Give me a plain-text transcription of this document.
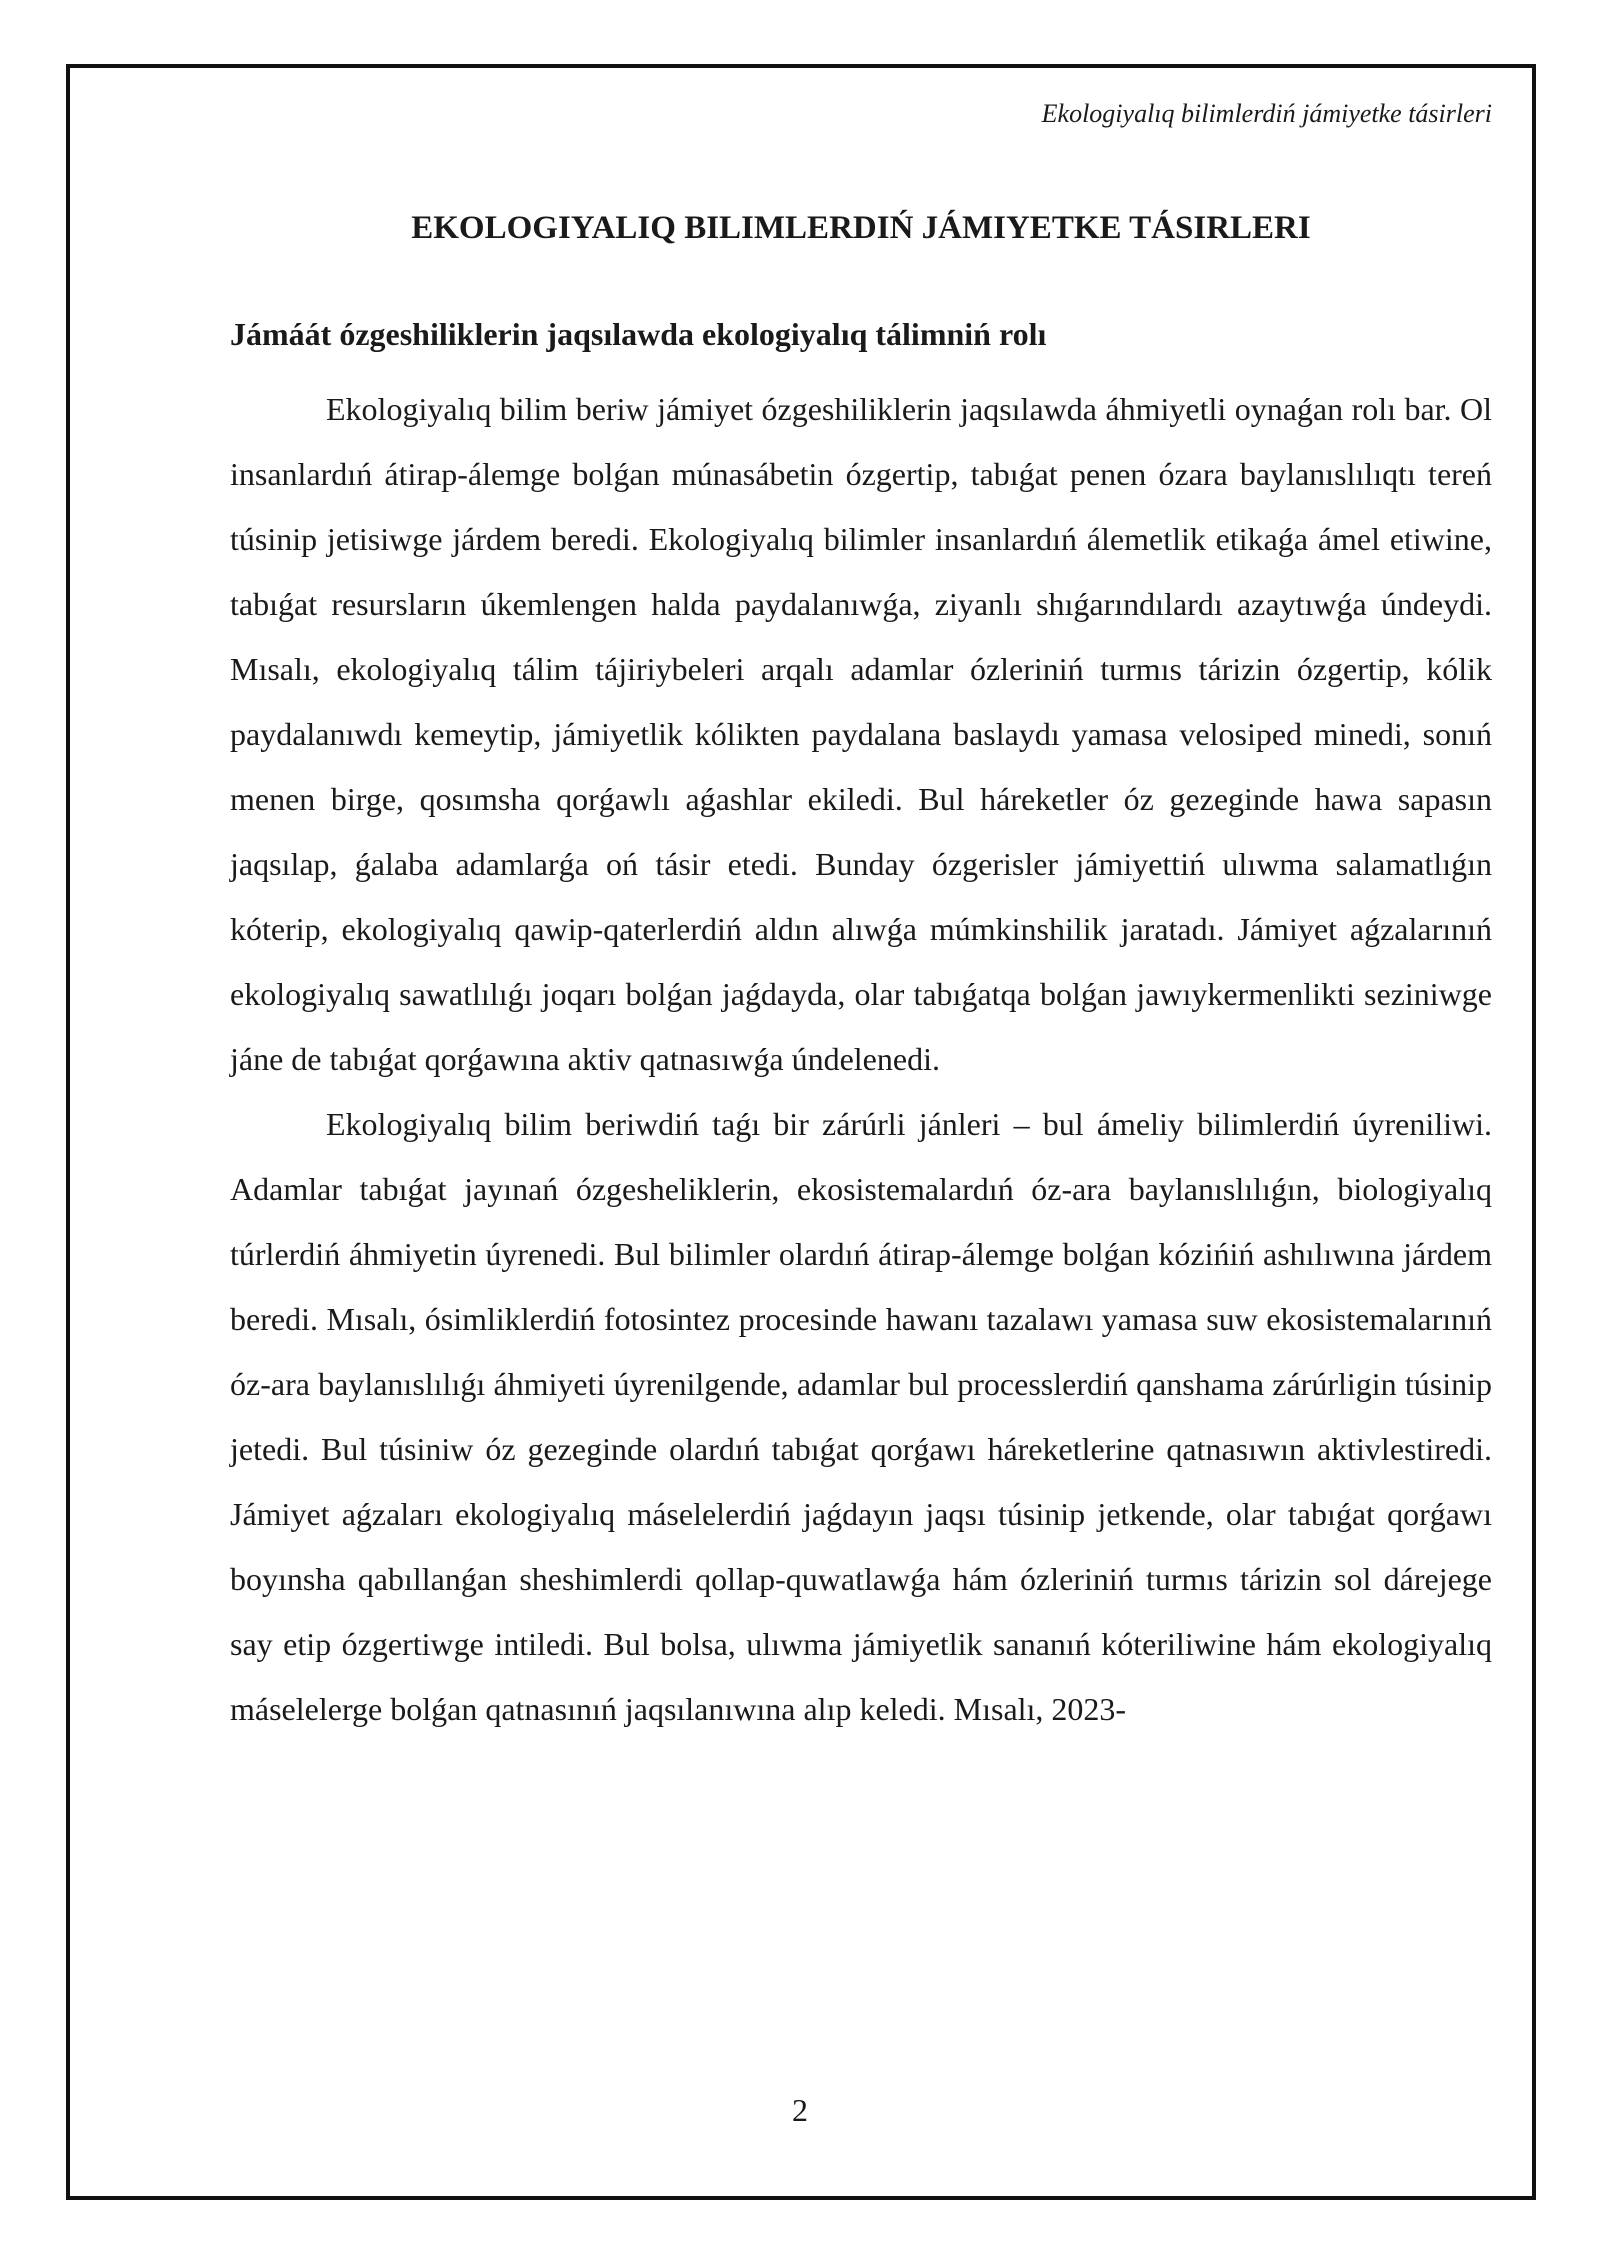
Ekologiyalıq bilimlerdiń jámiyetke tásirleri
EKOLOGIYALIQ BILIMLERDIŃ JÁMIYETKE TÁSIRLERI
Jámáát ózgeshiliklerin jaqsılawda ekologiyalıq tálimniń rolı

Ekologiyalıq bilim beriw jámiyet ózgeshiliklerin jaqsılawda áhmiyetli oynaǵan rolı bar. Ol insanlardıń átirap-álemge bolǵan múnasábetin ózgertip, tabıǵat penen ózara baylanıslılıqtı tereń túsinip jetisiwge járdem beredi. Ekologiyalıq bilimler insanlardıń álemetlik etikaǵa ámel etiwine, tabıǵat resursların úkemlengen halda paydalanıwǵa, ziyanlı shıǵarındılardı azaytıwǵa úndeydi. Mısalı, ekologiyalıq tálim tájiriybeleri arqalı adamlar ózleriniń turmıs tárizin ózgertip, kólik paydalanıwdı kemeytip, jámiyetlik kólikten paydalana baslaydı yamasa velosiped minedi, sonıń menen birge, qosımsha qorǵawlı aǵashlar ekiledi. Bul háreketler óz gezeginde hawa sapasın jaqsılap, ǵalaba adamlarǵa oń tásir etedi. Bunday ózgerisler jámiyettiń ulıwma salamatlıǵın kóterip, ekologiyalıq qawip-qaterlerdiń aldın alıwǵa múmkinshilik jaratadı. Jámiyet aǵzalarınıń ekologiyalıq sawatlılıǵı joqarı bolǵan jaǵdayda, olar tabıǵatqa bolǵan jawıykermenlikti seziniwge jáne de tabıǵat qorǵawına aktiv qatnasıwǵa úndelenedi.

Ekologiyalıq bilim beriwdiń taǵı bir zárúrli jánleri – bul ámeliy bilimlerdiń úyreniliwi. Adamlar tabıǵat jayınań ózgesheliklerin, ekosistemalardıń óz-ara baylanıslılıǵın, biologiyalıq túrlerdiń áhmiyetin úyrenedi. Bul bilimler olardıń átirap-álemge bolǵan kózińiń ashılıwına járdem beredi. Mısalı, ósimliklerdiń fotosintez procesinde hawanı tazalawı yamasa suw ekosistemalarınıń óz-ara baylanıslılıǵı áhmiyeti úyrenilgende, adamlar bul processlerdiń qanshama zárúrligin túsinip jetedi. Bul túsiniw óz gezeginde olardıń tabıǵat qorǵawı háreketlerine qatnasıwın aktivlestiredi. Jámiyet aǵzaları ekologiyalıq máselelerdiń jaǵdayın jaqsı túsinip jetkende, olar tabıǵat qorǵawı boyınsha qabıllanǵan sheshimlerdi qollap-quwatlawǵa hám ózleriniń turmıs tárizin sol dárejege say etip ózgertiwge intiledi. Bul bolsa, ulıwma jámiyetlik sananıń kóteriliwine hám ekologiyalıq máselelerge bolǵan qatnasınıń jaqsılanıwına alıp keledi. Mısalı, 2023-

2
